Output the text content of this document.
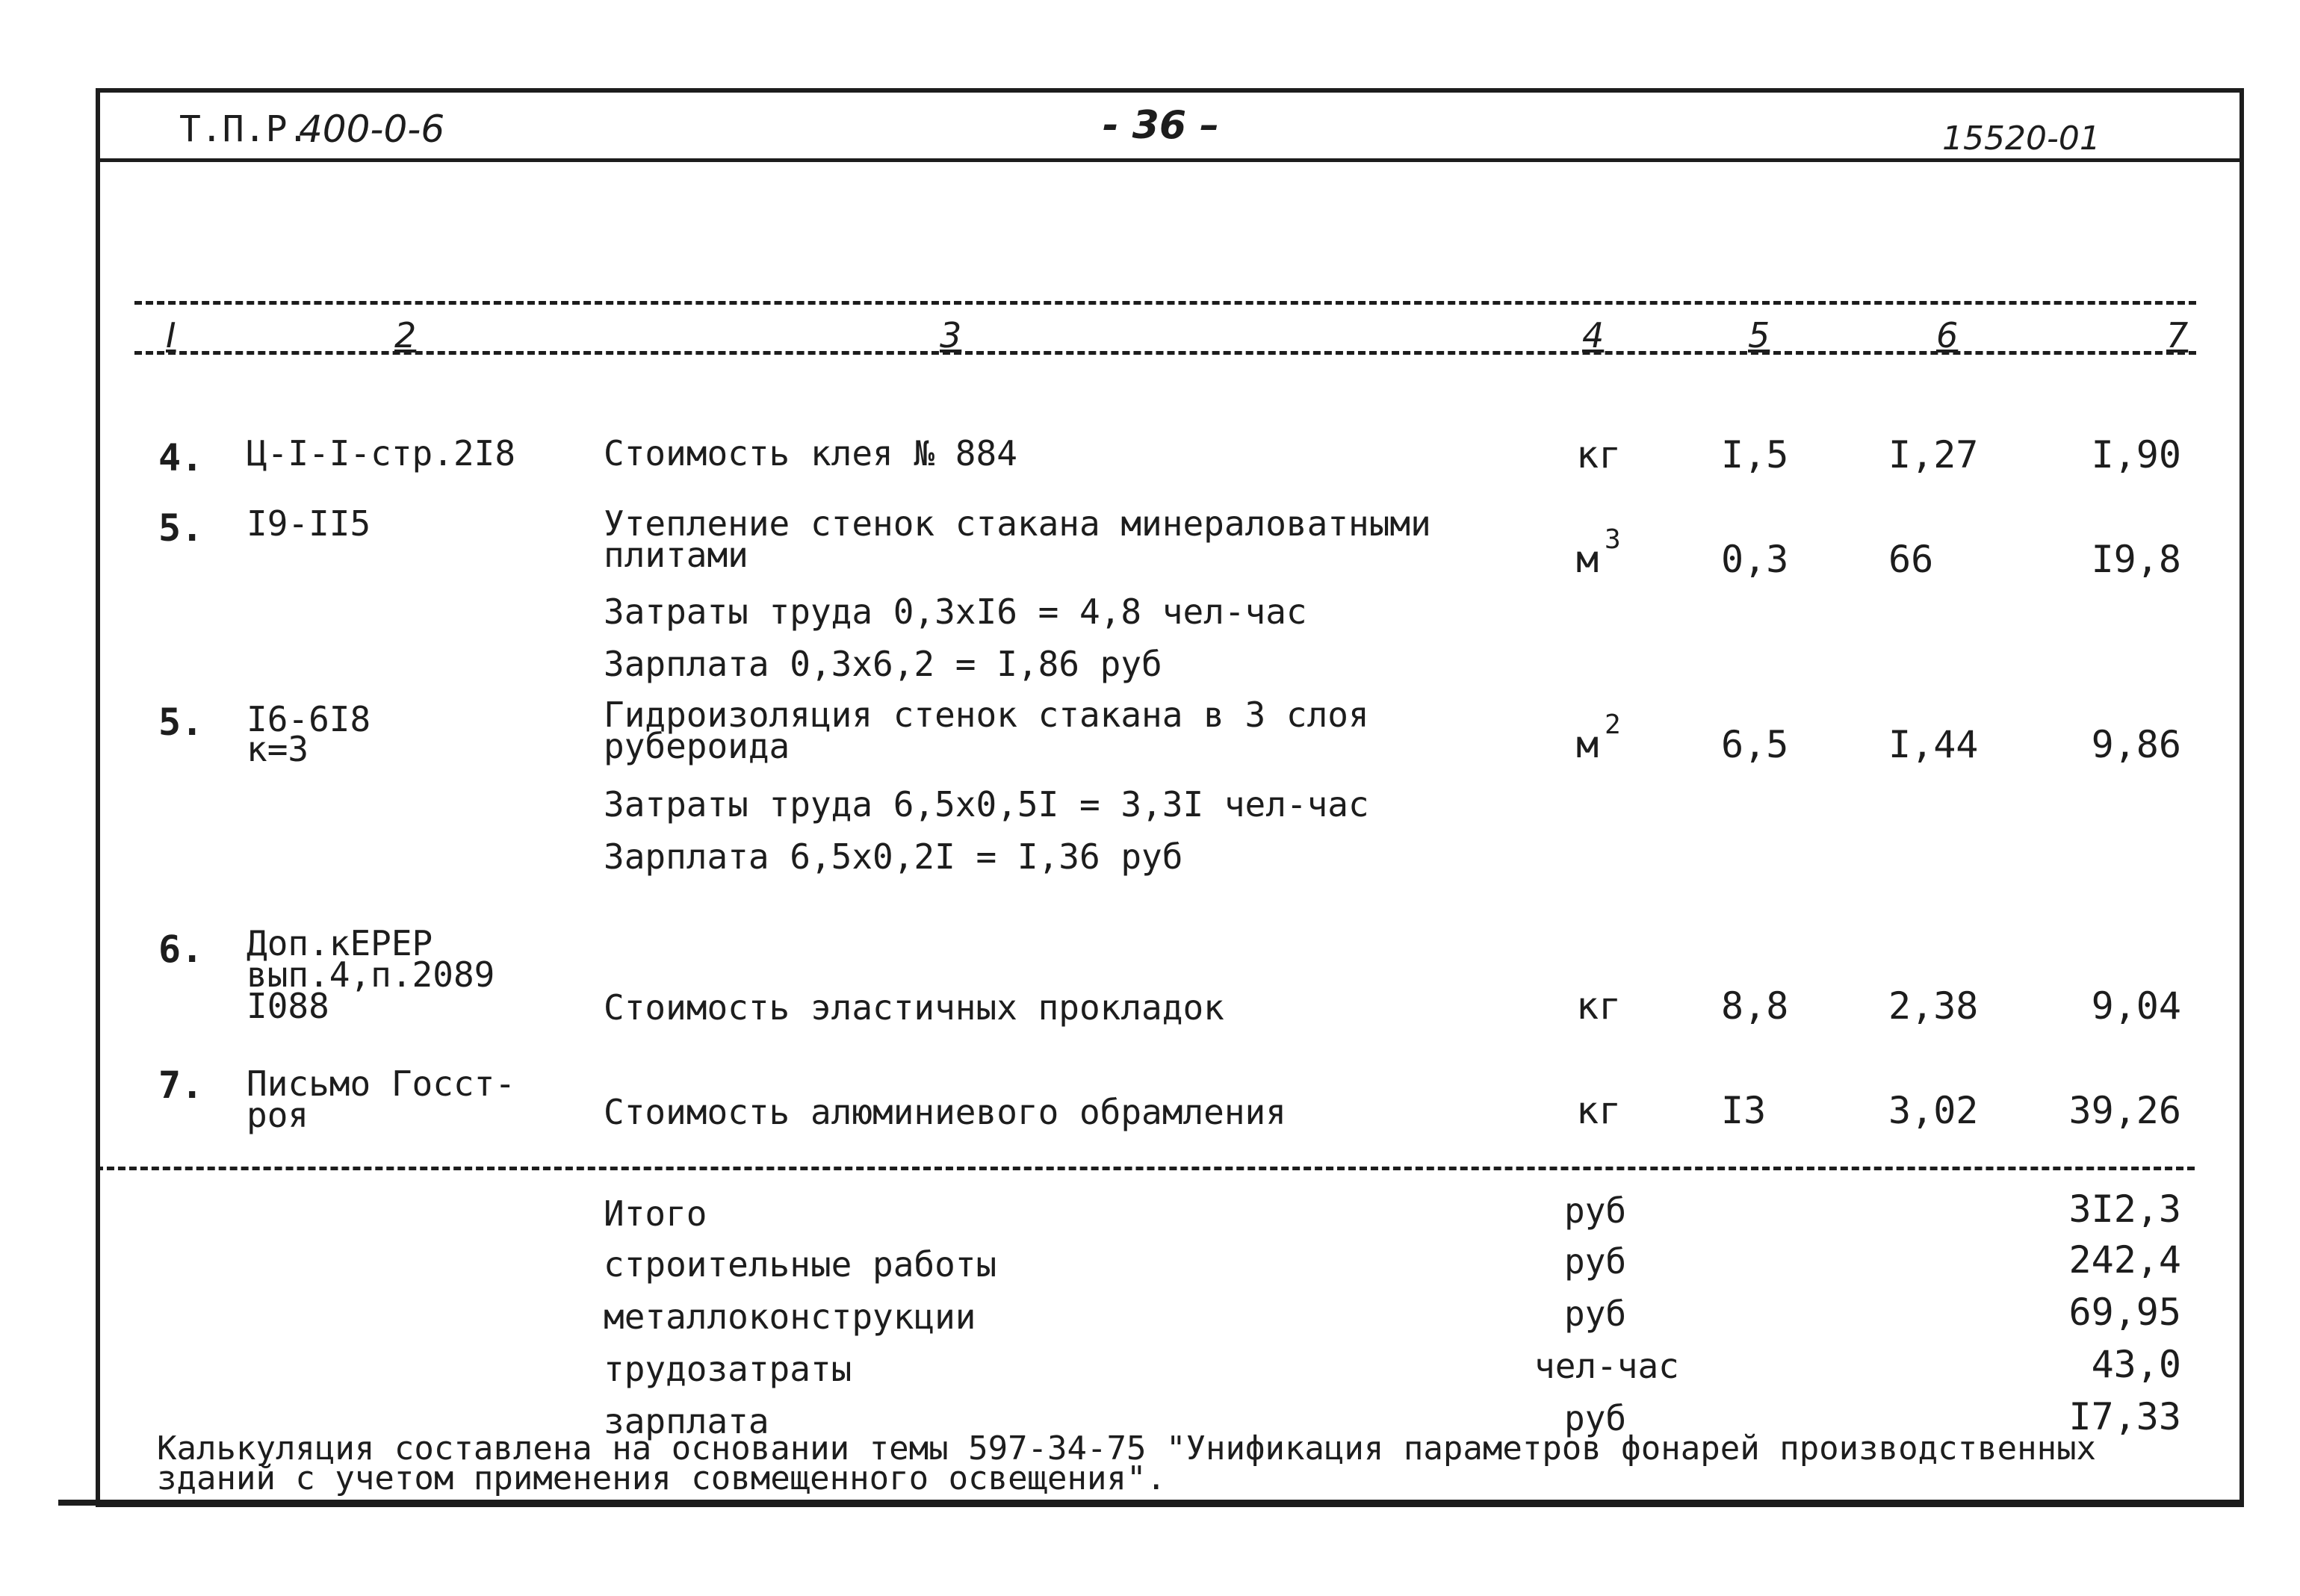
Т.П.Р.
400-0-6	- 36 –	15520-01
I	2	3	4	5	6	7
4. Ц-I-I-стр.2I8	Стоимость клея № 884	кг	I,5	I,27	I,90
5. I9-II5	Утепление стенок стакана минераловатными
плитами	м 3	0,3	66	I9,8
Затраты труда 0,3хI6 = 4,8 чел-час
Зарплата 0,3х6,2 = I,86 руб
5. I6-6I8
к=3
Гидроизоляция стенок стакана в 3 слоя
рубероида	м 2	6,5	I,44	9,86
Затраты труда 6,5х0,5I = 3,3I чел-час
Зарплата 6,5х0,2I = I,36 руб
6. Доп.кЕРЕР
вып.4,п.2089
I088	Стоимость эластичных прокладок	кг	8,8	2,38	9,04
7. Письмо Госст-
роя	Стоимость алюминиевого обрамления	кг	I3	3,02	39,26
Итого	руб	3I2,3
строительные работы	руб	242,4
металлоконструкции	руб	69,95
трудозатраты	чел-час	43,0
зарплата	руб	I7,33
Калькуляция составлена на основании темы 597-34-75 "Унификация параметров фонарей производственных
зданий с учетом применения совмещенного освещения".
